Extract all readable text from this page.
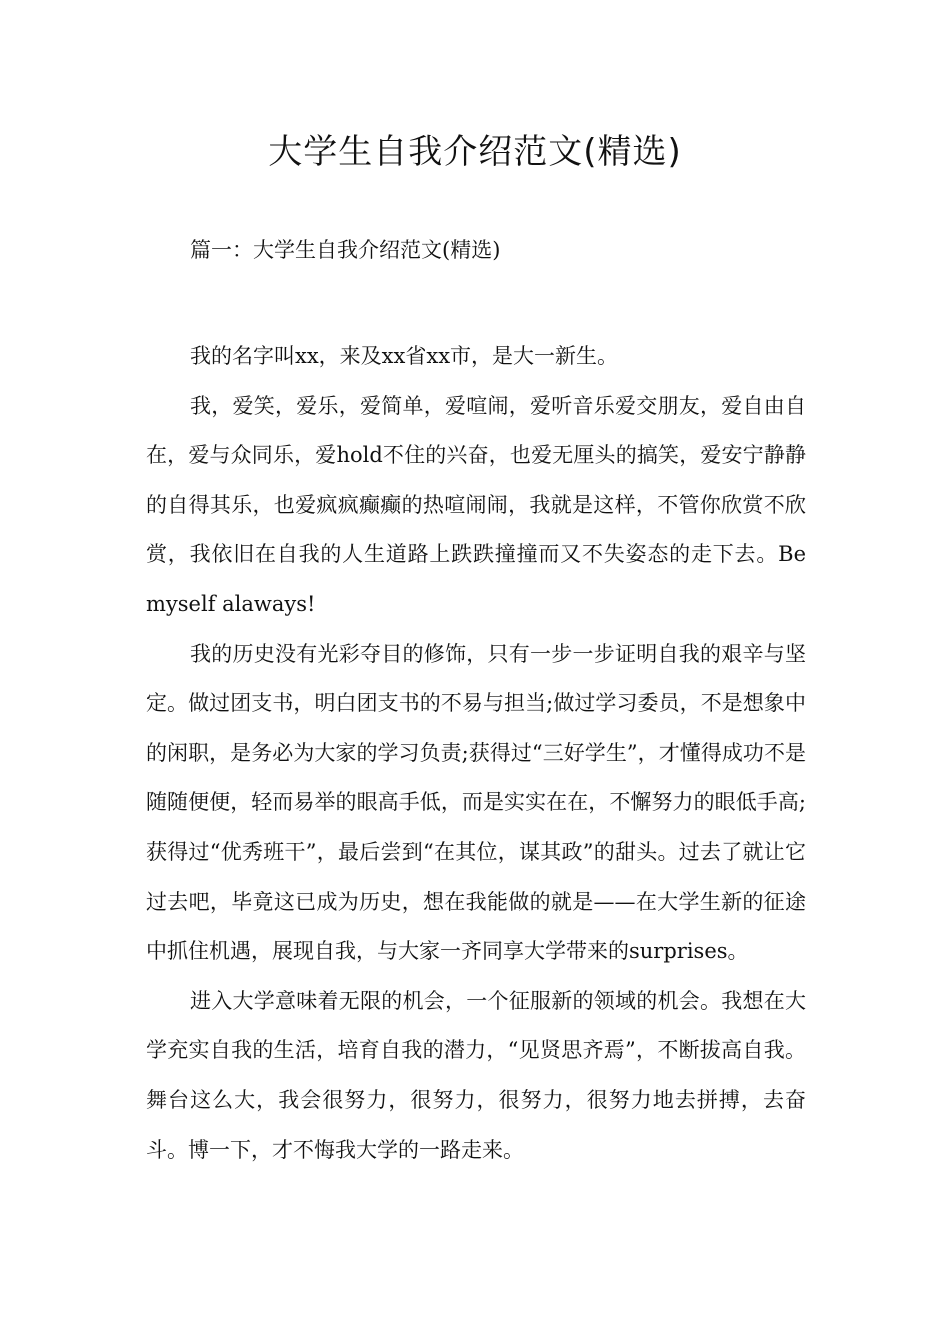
大学生自我介绍范文(精选)

篇一：大学生自我介绍范文(精选)

我的名字叫xx，来及xx省xx市，是大一新生。

我，爱笑，爱乐，爱简单，爱喧闹，爱听音乐爱交朋友，爱自由自在，爱与众同乐，爱hold不住的兴奋，也爱无厘头的搞笑，爱安宁静静的自得其乐，也爱疯疯癫癫的热喧闹闹，我就是这样，不管你欣赏不欣赏，我依旧在自我的人生道路上跌跌撞撞而又不失姿态的走下去。Be myself alaways!

我的历史没有光彩夺目的修饰，只有一步一步证明自我的艰辛与坚定。做过团支书，明白团支书的不易与担当;做过学习委员，不是想象中的闲职，是务必为大家的学习负责;获得过“三好学生”，才懂得成功不是随随便便，轻而易举的眼高手低，而是实实在在，不懈努力的眼低手高;获得过“优秀班干”，最后尝到“在其位，谋其政”的甜头。过去了就让它过去吧，毕竟这已成为历史，想在我能做的就是——在大学生新的征途中抓住机遇，展现自我，与大家一齐同享大学带来的surprises。

进入大学意味着无限的机会，一个征服新的领域的机会。我想在大学充实自我的生活，培育自我的潜力，“见贤思齐焉”，不断拔高自我。舞台这么大，我会很努力，很努力，很努力，很努力地去拼搏，去奋斗。博一下，才不悔我大学的一路走来。
